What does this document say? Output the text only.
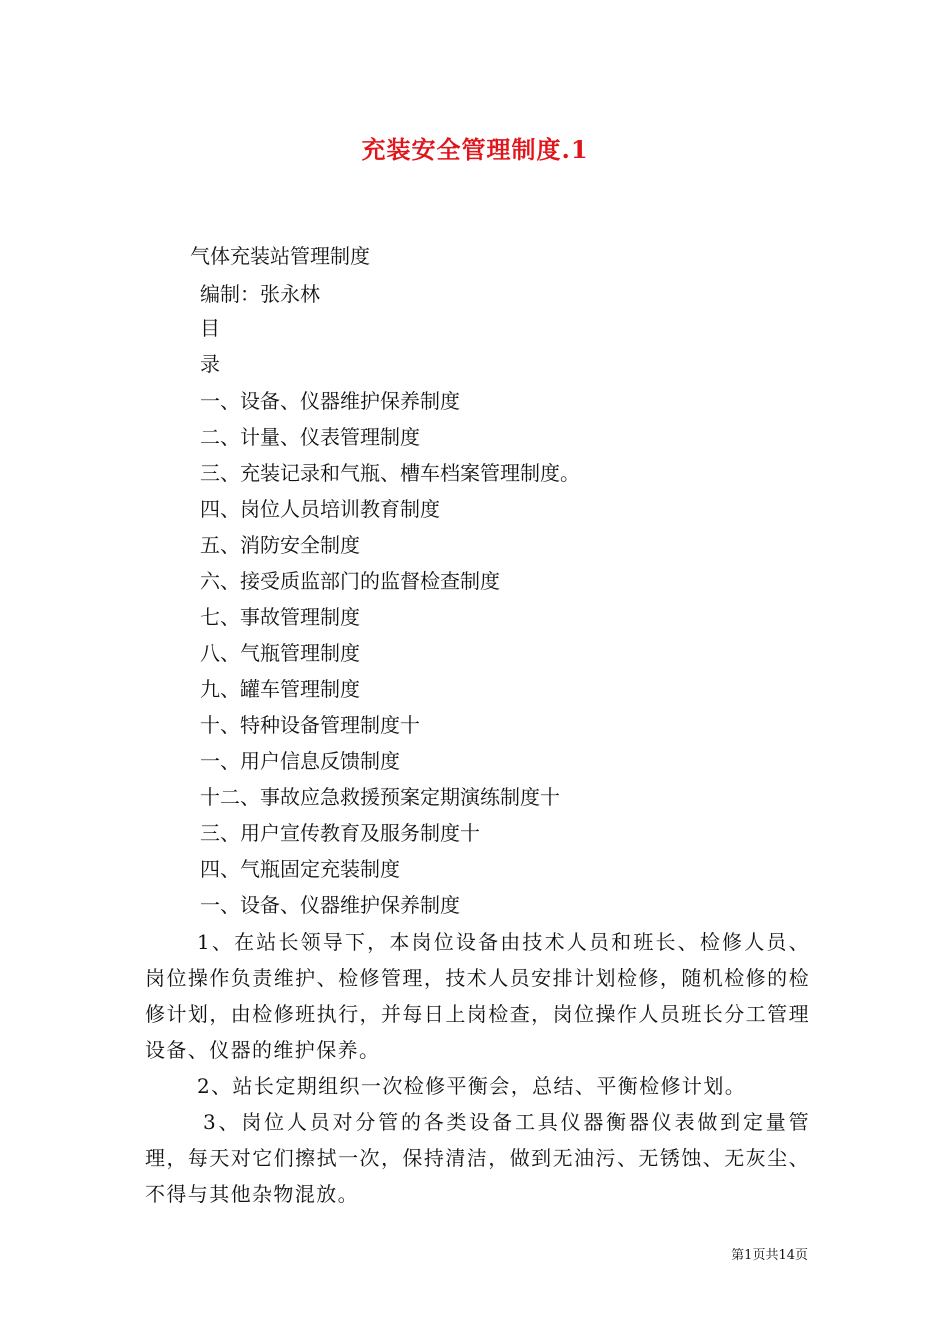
充装安全管理制度.1
气体充装站管理制度
编制：张永林
目
录
一、设备、仪器维护保养制度
二、计量、仪表管理制度
三、充装记录和气瓶、槽车档案管理制度。
四、岗位人员培训教育制度
五、消防安全制度
六、接受质监部门的监督检查制度
七、事故管理制度
八、气瓶管理制度
九、罐车管理制度
十、特种设备管理制度十
一、用户信息反馈制度
十二、事故应急救援预案定期演练制度十
三、用户宣传教育及服务制度十
四、气瓶固定充装制度
一、设备、仪器维护保养制度
1、在站长领导下，本岗位设备由技术人员和班长、检修人员、岗位操作负责维护、检修管理，技术人员安排计划检修，随机检修的检修计划，由检修班执行，并每日上岗检查，岗位操作人员班长分工管理设备、仪器的维护保养。
2、站长定期组织一次检修平衡会，总结、平衡检修计划。
3、岗位人员对分管的各类设备工具仪器衡器仪表做到定量管理，每天对它们擦拭一次，保持清洁，做到无油污、无锈蚀、无灰尘、不得与其他杂物混放。
第1页共14页
